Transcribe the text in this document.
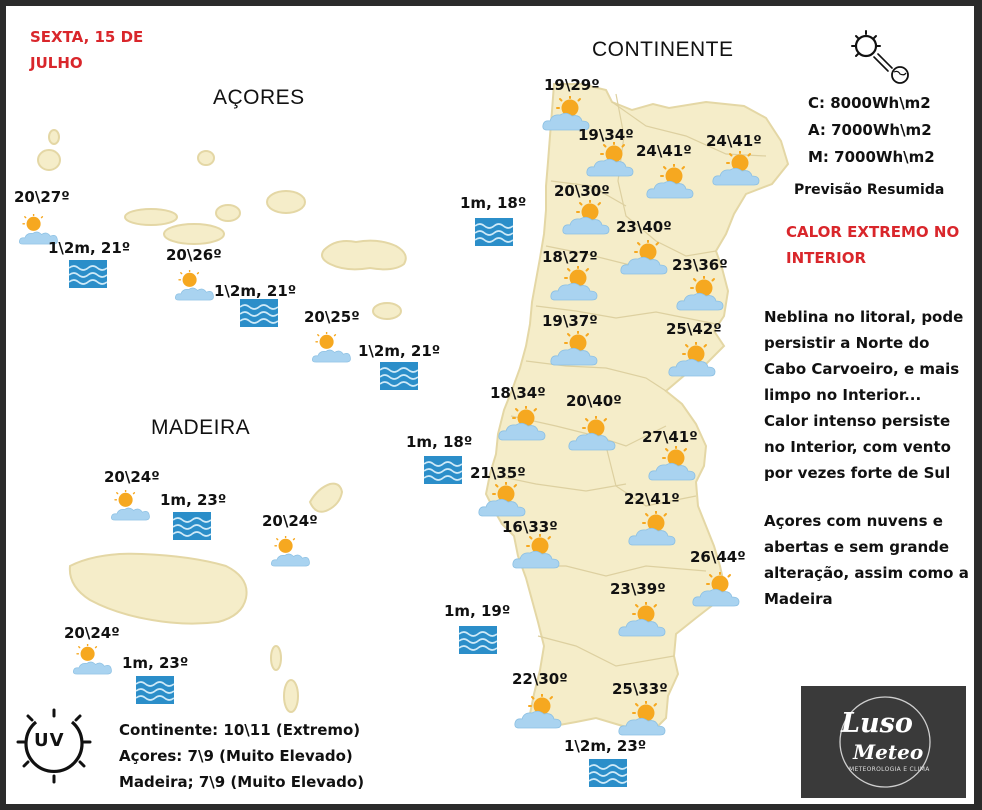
SEXTA, 15 DE JULHO
CONTINENTE
AÇORES
MADEIRA
C: 8000Wh\m2
A: 7000Wh\m2
M: 7000Wh\m2
Previsão Resumida
CALOR EXTREMO NO INTERIOR

Neblina no litoral, pode persistir a Norte do Cabo Carvoeiro, e mais limpo no Interior... Calor intenso persiste no Interior, com vento por vezes forte de Sul

Açores com nuvens e abertas e sem grande alteração, assim como a Madeira

19\29º
19\34º
24\41º
24\41º
20\30º
23\40º
18\27º	23\36º
19\37º	25\42º
18\34º 20\40º
27\41º
21\35º
22\41º
16\33º
26\44º
23\39º
22\30º
25\33º
20\27º
20\26º
20\25º
20\24º
20\24º
20\24º
1m, 18º
1m, 18º
1m, 19º
1\2m, 23º
1\2m, 21º
1\2m, 21º
1\2m, 21º
1m, 23º
1m, 23º
UV	Continente: 10\11 (Extremo)
Açores: 7\9 (Muito Elevado)
Madeira; 7\9 (Muito Elevado)
Luso
Meteo
METEOROLOGIA E CLIMA
